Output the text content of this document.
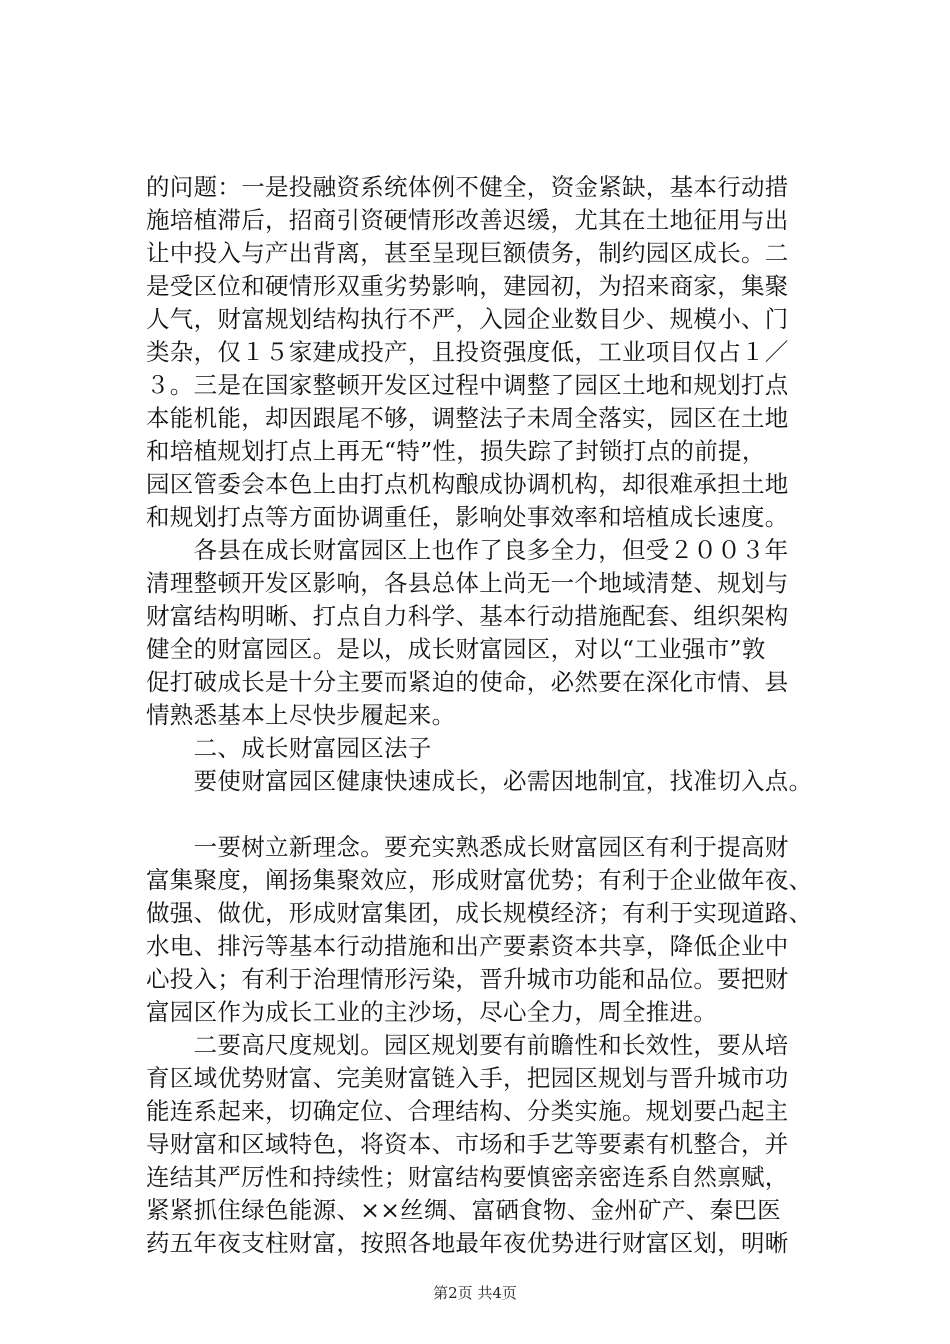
的问题：一是投融资系统体例不健全，资金紧缺，基本行动措
施培植滞后，招商引资硬情形改善迟缓，尤其在土地征用与出
让中投入与产出背离，甚至呈现巨额债务，制约园区成长。二
是受区位和硬情形双重劣势影响，建园初，为招来商家，集聚
人气，财富规划结构执行不严，入园企业数目少、规模小、门
类杂，仅１５家建成投产，且投资强度低，工业项目仅占１／
３。三是在国家整顿开发区过程中调整了园区土地和规划打点
本能机能，却因跟尾不够，调整法子未周全落实，园区在土地
和培植规划打点上再无“特”性，损失踪了封锁打点的前提，
园区管委会本色上由打点机构酿成协调机构，却很难承担土地
和规划打点等方面协调重任，影响处事效率和培植成长速度。
　　各县在成长财富园区上也作了良多全力，但受２００３年
清理整顿开发区影响，各县总体上尚无一个地域清楚、规划与
财富结构明晰、打点自力科学、基本行动措施配套、组织架构
健全的财富园区。是以，成长财富园区，对以“工业强市”敦
促打破成长是十分主要而紧迫的使命，必然要在深化市情、县
情熟悉基本上尽快步履起来。
　　二、成长财富园区法子
　　要使财富园区健康快速成长，必需因地制宜，找准切入点。
　　一要树立新理念。要充实熟悉成长财富园区有利于提高财
富集聚度，阐扬集聚效应，形成财富优势；有利于企业做年夜、
做强、做优，形成财富集团，成长规模经济；有利于实现道路、
水电、排污等基本行动措施和出产要素资本共享，降低企业中
心投入；有利于治理情形污染，晋升城市功能和品位。要把财
富园区作为成长工业的主沙场，尽心全力，周全推进。
　　二要高尺度规划。园区规划要有前瞻性和长效性，要从培
育区域优势财富、完美财富链入手，把园区规划与晋升城市功
能连系起来，切确定位、合理结构、分类实施。规划要凸起主
导财富和区域特色，将资本、市场和手艺等要素有机整合，并
连结其严厉性和持续性；财富结构要慎密亲密连系自然禀赋，
紧紧抓住绿色能源、××丝绸、富硒食物、金州矿产、秦巴医
药五年夜支柱财富，按照各地最年夜优势进行财富区划，明晰
第2页 共4页
